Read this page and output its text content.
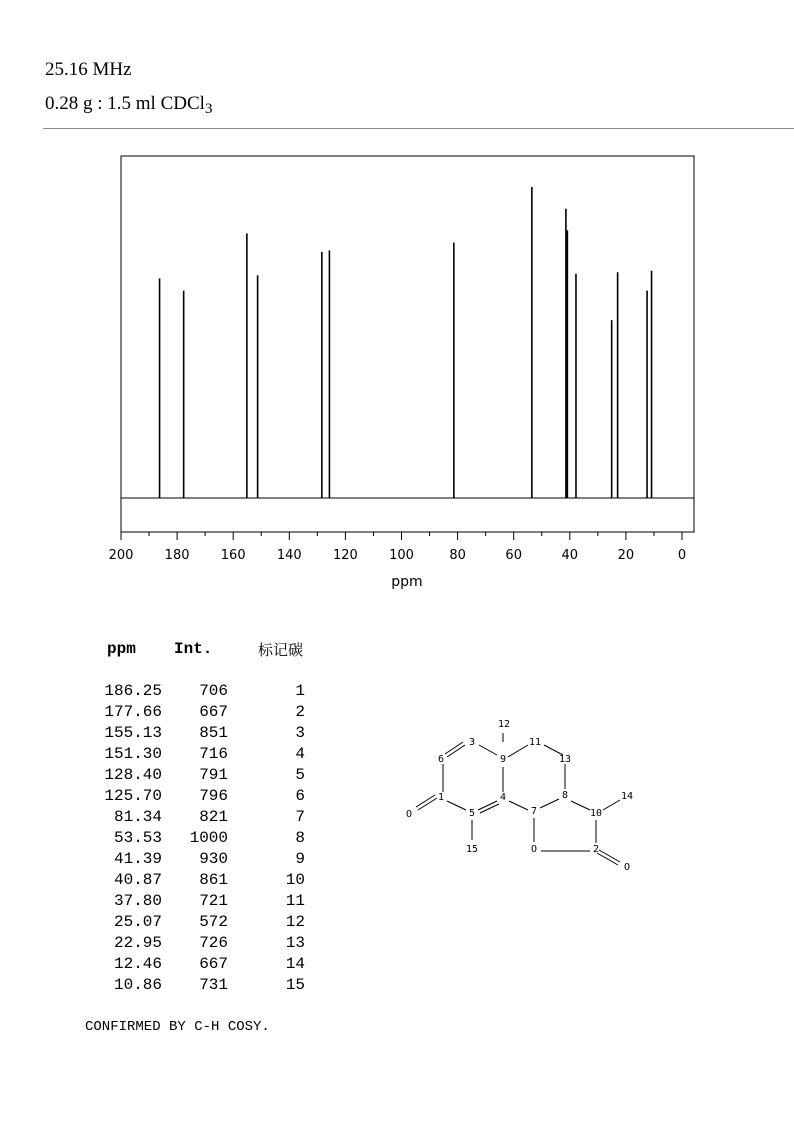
25.16 MHz
0.28 g : 1.5 ml CDCl$_3$
200 180 160 140 120 100	80	60	40	20	0
ppm
ppm Int.	标记碳
186.25 706	1
177.66 667	2
155.13 851	3
151.30 716	4
128.40 791	5
125.70 796	6
81.34 821	7
53.53 1000	8
41.39 930	9
40.87 861	10
37.80 721	11
25.07 572	12
22.95 726	13
12.46 667	14
10.86 731	15
CONFIRMED BY C-H COSY.
1
2
3
4
5
6
7
8
9
10
11
12
13
14
15
O
O
O
